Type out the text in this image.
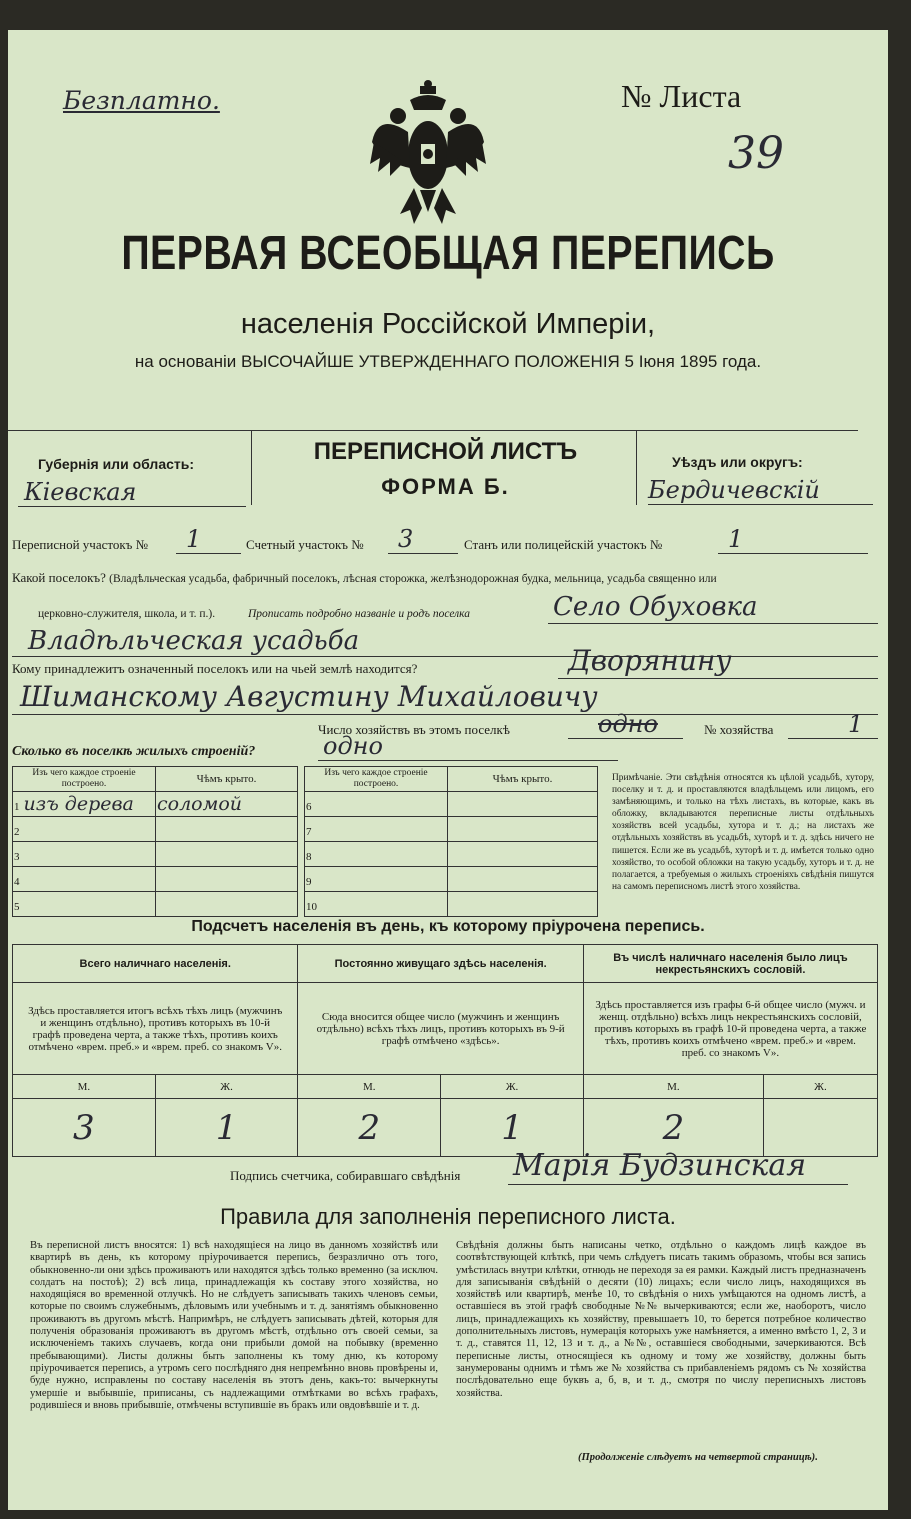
Безплатно.	№ Листа
39
ПЕРВАЯ ВСЕОБЩАЯ ПЕРЕПИСЬ
населенія Россійской Имперіи,
на основаніи ВЫСОЧАЙШЕ УТВЕРЖДЕННАГО ПОЛОЖЕНІЯ 5 Іюня 1895 года.
Губернія или область:
Кіевская
ПЕРЕПИСНОЙ ЛИСТЪ
ФОРМА Б.
Уѣздъ или округъ:
Бердичевскій
Переписной участокъ № 1	Счетный участокъ № 3	Станъ или полицейскій участокъ №	1
Какой поселокъ? (Владѣльческая усадьба, фабричный поселокъ, лѣсная сторожка, желѣзнодорожная будка, мельница, усадьба священно или
церковно-служителя, школа, и т. п.).	Прописать подробно названіе и родъ поселка	Село Обуховка
Владѣльческая усадьба
Кому принадлежитъ означенный поселокъ или на чьей землѣ находится?	Дворянину
Шиманскому Августину Михайловичу
Число хозяйствъ въ этомъ поселкѣ	одно	№ хозяйства	1
Сколько въ поселкѣ жилыхъ строеній?	одно
Изъ чего каждое строеніе построено.	Чѣмъ крыто.
1 изъ дерева	соломой
2	
3	
4	
5	
Изъ чего каждое строеніе построено.	Чѣмъ крыто.
6	
7	
8	
9	
10	
Примѣчаніе. Эти свѣдѣнія относятся къ цѣлой усадьбѣ, хутору, поселку и т. д. и проставляются владѣльцемъ или лицомъ, его замѣняющимъ, и только на тѣхъ листахъ, въ которые, какъ въ обложку, вкладываются переписные листы отдѣльныхъ хозяйствъ всей усадьбы, хутора и т. д.; на листахъ же отдѣльныхъ хозяйствъ въ усадьбѣ, хуторѣ и т. д. здѣсь ничего не пишется. Если же въ усадьбѣ, хуторѣ и т. д. имѣется только одно хозяйство, то особой обложки на такую усадьбу, хуторъ и т. д. не полагается, а требуемыя о жилыхъ строеніяхъ свѣдѣнія пишутся на самомъ переписномъ листѣ этого хозяйства.
Подсчетъ населенія въ день, къ которому пріурочена перепись.
Всего наличнаго населенія.		Постоянно живущаго здѣсь населенія.		Въ числѣ наличнаго населенія было лицъ некрестьянскихъ сословій.	
Здѣсь проставляется итогъ всѣхъ тѣхъ лицъ (мужчинъ и женщинъ отдѣльно), противъ которыхъ въ 10-й графѣ проведена черта, а также тѣхъ, противъ коихъ отмѣчено «врем. преб.» и «врем. преб. со знакомъ V».		Сюда вносится общее число (мужчинъ и женщинъ отдѣльно) всѣхъ тѣхъ лицъ, противъ которыхъ въ 9-й графѣ отмѣчено «здѣсь».		Здѣсь проставляется изъ графы 6-й общее число (мужч. и женщ. отдѣльно) всѣхъ лицъ некрестьянскихъ сословій, противъ которыхъ въ графѣ 10-й проведена черта, а также тѣхъ, противъ коихъ отмѣчено «врем. преб.» и «врем. преб. со знакомъ V».	
М.	Ж.	М.	Ж.	М.	Ж.
3	1	2	1	2	
Подпись счетчика, собиравшаго свѣдѣнія Марія Будзинская
Правила для заполненія переписного листа.
Въ переписной листъ вносятся: 1) всѣ находящіеся на лицо въ данномъ хозяйствѣ или квартирѣ въ день, къ которому пріурочивается перепись, безразлично отъ того, обыкновенно-ли они здѣсь проживаютъ или находятся здѣсь только временно (за исключ. солдатъ на постоѣ); 2) всѣ лица, принадлежащія къ составу этого хозяйства, но находящіяся во временной отлучкѣ. Но не слѣдуетъ записывать такихъ членовъ семьи, которые по своимъ служебнымъ, дѣловымъ или учебнымъ и т. д. занятіямъ обыкновенно проживаютъ въ другомъ мѣстѣ. Напримѣръ, не слѣдуетъ записывать дѣтей, которыя для полученія образованія проживаютъ въ другомъ мѣстѣ, отдѣльно отъ своей семьи, за исключеніемъ такихъ случаевъ, когда они прибыли домой на побывку (временно пребывающими). Листы должны быть заполнены къ тому дню, къ которому пріурочивается перепись, а утромъ сего послѣдняго дня непремѣнно вновь провѣрены и, буде нужно, исправлены по составу населенія въ этотъ день, какъ-то: вычеркнуты умершіе и выбывшіе, приписаны, съ надлежащими отмѣтками во всѣхъ графахъ, родившіеся и вновь прибывшіе, отмѣчены вступившіе въ бракъ или овдовѣвшіе и т. д.
Свѣдѣнія должны быть написаны четко, отдѣльно о каждомъ лицѣ каждое въ соотвѣтствующей клѣткѣ, при чемъ слѣдуетъ писать такимъ образомъ, чтобы вся запись умѣстилась внутри клѣтки, отнюдь не переходя за ея рамки. Каждый листъ предназначенъ для записыванія свѣдѣній о десяти (10) лицахъ; если число лицъ, находящихся въ хозяйствѣ или квартирѣ, менѣе 10, то свѣдѣнія о нихъ умѣщаются на одномъ листѣ, а оставшіеся въ этой графѣ свободные №№ вычеркиваются; если же, наоборотъ, число лицъ, принадлежащихъ къ хозяйству, превышаетъ 10, то берется потребное количество дополнительныхъ листовъ, нумерація которыхъ уже намѣняется, а именно вмѣсто 1, 2, 3 и т. д., ставятся 11, 12, 13 и т. д., а №№, оставшіеся свободными, зачеркиваются. Всѣ переписные листы, относящіеся къ одному и тому же хозяйству, должны быть занумерованы однимъ и тѣмъ же № хозяйства съ прибавленіемъ рядомъ съ № хозяйства послѣдовательно еще буквъ а, б, в, и т. д., смотря по числу переписныхъ листовъ хозяйства.
(Продолженіе слѣдуетъ на четвертой страницѣ).
